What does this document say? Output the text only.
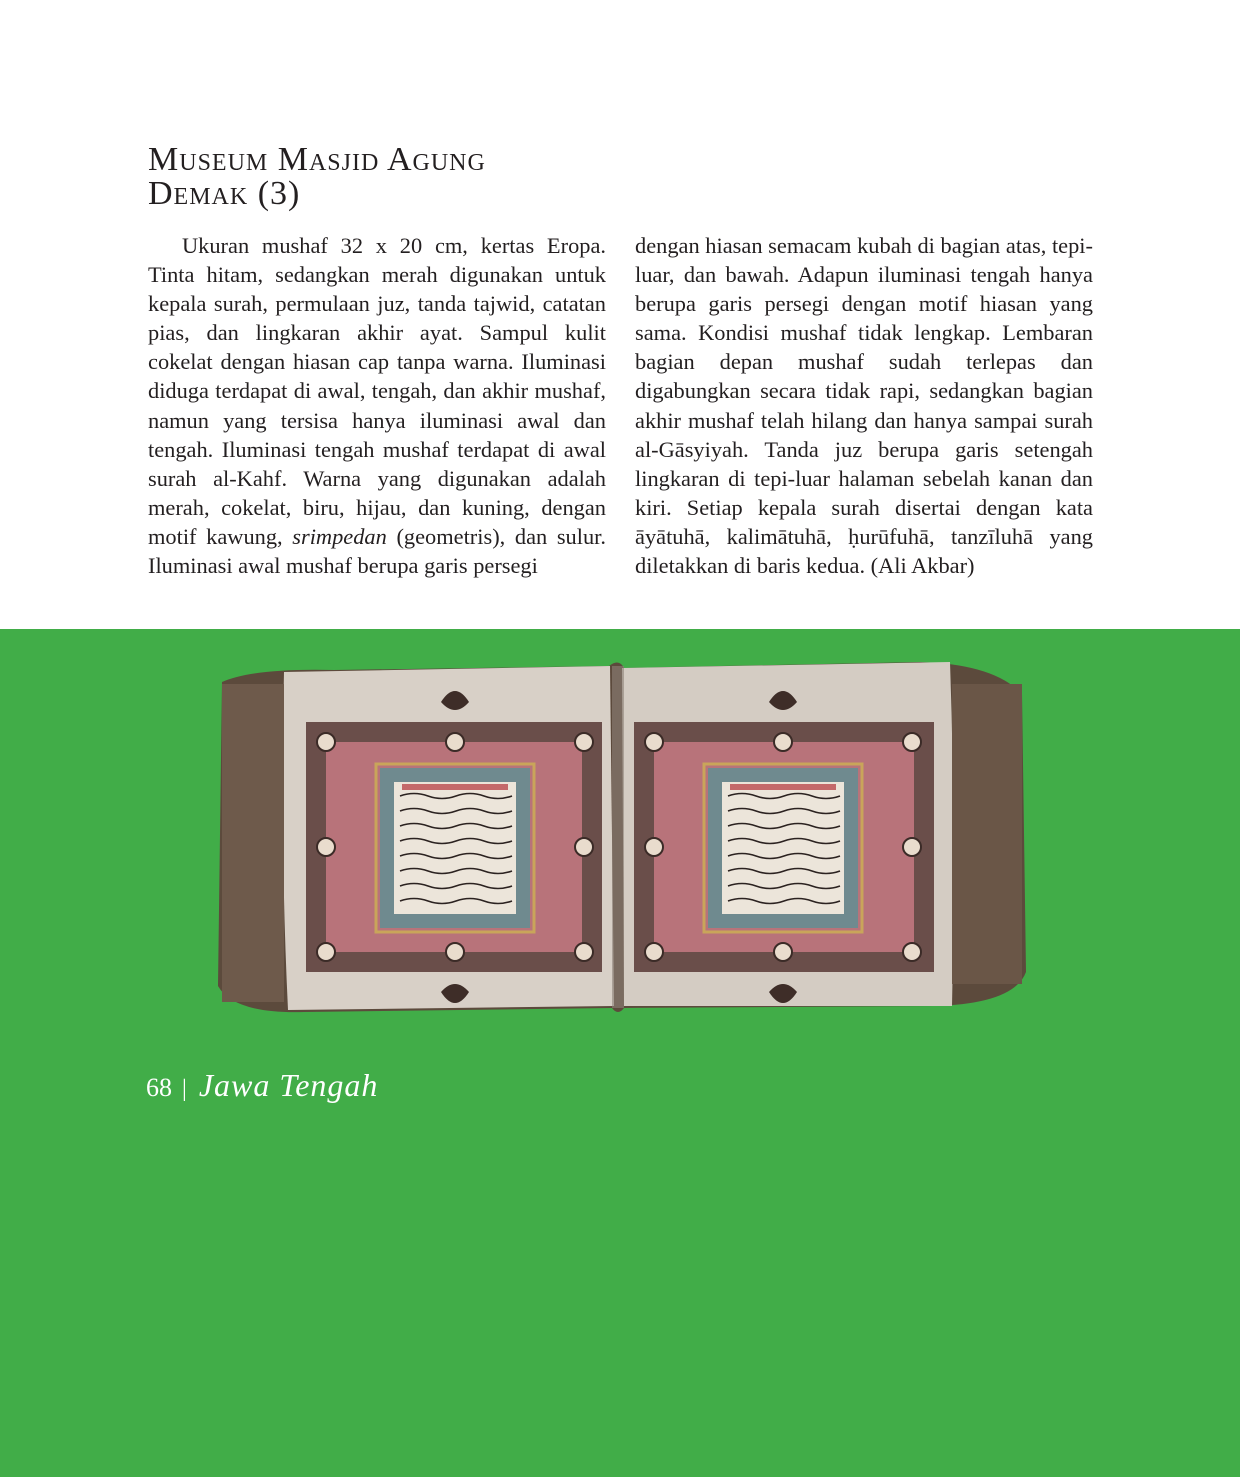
Museum Masjid Agung
Demak (3)

Ukuran mushaf 32 x 20 cm, kertas Eropa. Tinta hitam, sedangkan merah digunakan untuk kepala surah, permulaan juz, tanda tajwid, catatan pias, dan lingkaran akhir ayat. Sampul kulit cokelat dengan hiasan cap tanpa warna. Iluminasi diduga terdapat di awal, tengah, dan akhir mushaf, namun yang tersisa hanya iluminasi awal dan tengah. Iluminasi tengah mushaf terdapat di awal surah al-Kahf. Warna yang digunakan adalah merah, cokelat, biru, hijau, dan kuning, dengan motif kawung, srimpedan (geometris), dan sulur. Iluminasi awal mushaf berupa garis persegi

dengan hiasan semacam kubah di bagian atas, tepi-luar, dan bawah. Adapun iluminasi tengah hanya berupa garis persegi dengan motif hiasan yang sama. Kondisi mushaf tidak lengkap. Lembaran bagian depan mushaf sudah terlepas dan digabungkan secara tidak rapi, sedangkan bagian akhir mushaf telah hilang dan hanya sampai surah al-Gāsyiyah. Tanda juz berupa garis setengah lingkaran di tepi-luar halaman sebelah kanan dan kiri. Setiap kepala surah disertai dengan kata āyātuhā, kalimātuhā, ḥurūfuhā, tanzīluhā yang diletakkan di baris kedua. (Ali Akbar)

68 | Jawa Tengah
